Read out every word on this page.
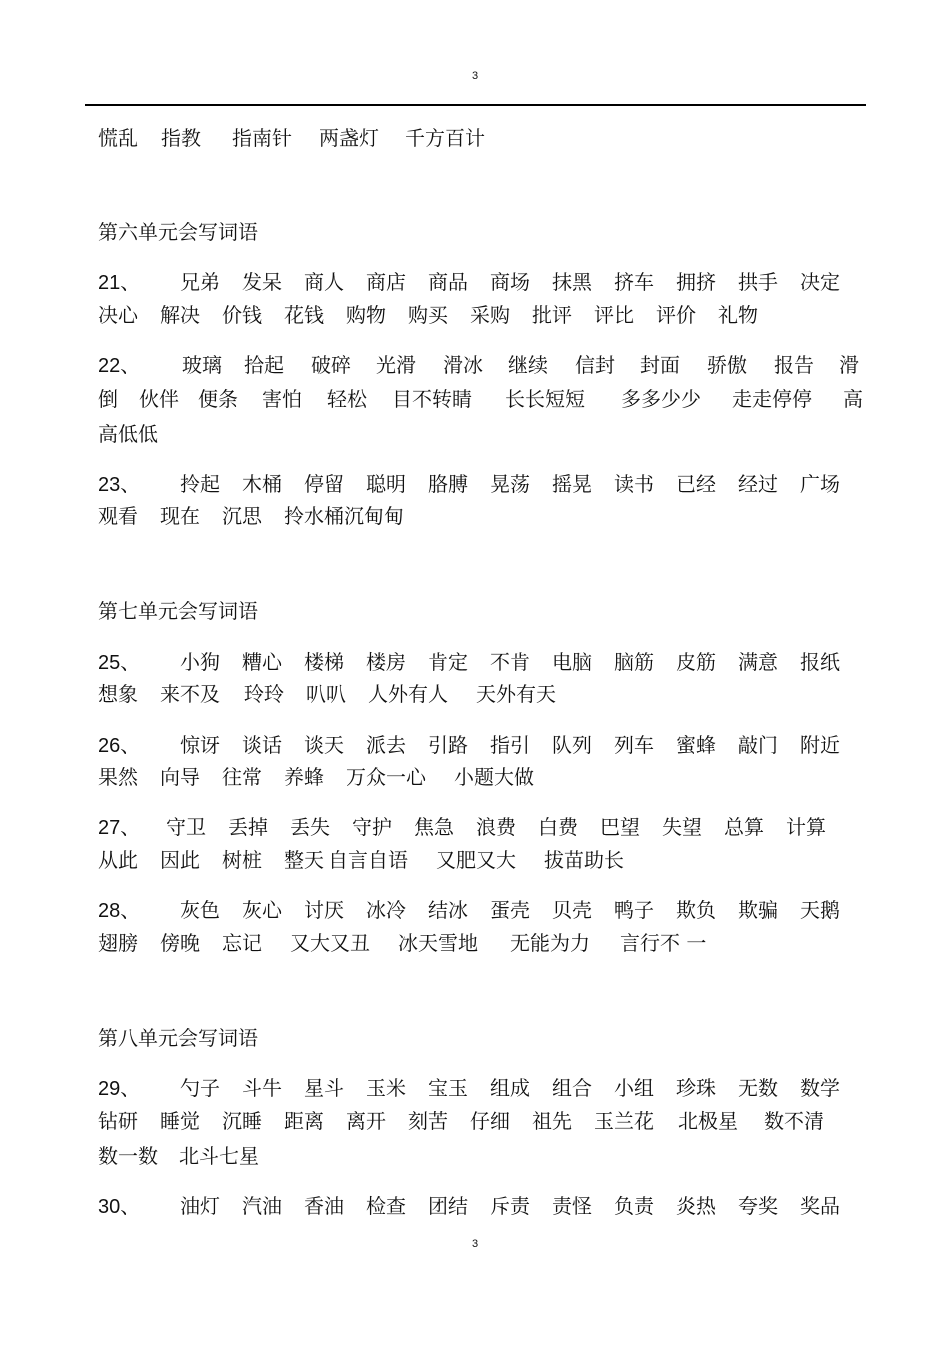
3
慌乱 指教 指南针 两盏灯 千方百计
第六单元会写词语
21、 兄弟 发呆 商人 商店 商品 商场 抹黑 挤车 拥挤 拱手 决定
决心 解决 价钱 花钱 购物 购买 采购 批评 评比 评价 礼物
22、 玻璃 拾起 破碎 光滑 滑冰 继续 信封 封面 骄傲 报告 滑
倒 伙伴 便条 害怕 轻松 目不转睛 长长短短 多多少少 走走停停 高
高低低
23、 拎起 木桶 停留 聪明 胳膊 晃荡 摇晃 读书 已经 经过 广场
观看 现在 沉思 拎水桶沉甸甸
第七单元会写词语
25、 小狗 糟心 楼梯 楼房 肯定 不肯 电脑 脑筋 皮筋 满意 报纸
想象 来不及 玲玲 叭叭 人外有人 天外有天
26、 惊讶 谈话 谈天 派去 引路 指引 队列 列车 蜜蜂 敲门 附近
果然 向导 往常 养蜂 万众一心 小题大做
27、 守卫 丢掉 丢失 守护 焦急 浪费 白费 巴望 失望 总算 计算
从此 因此 树桩 整天 自言自语 又肥又大 拔苗助长
28、 灰色 灰心 讨厌 冰冷 结冰 蛋壳 贝壳 鸭子 欺负 欺骗 天鹅
翅膀 傍晚 忘记 又大又丑 冰天雪地 无能为力 言行不 一
第八单元会写词语
29、 勺子 斗牛 星斗 玉米 宝玉 组成 组合 小组 珍珠 无数 数学
钻研 睡觉 沉睡 距离 离开 刻苦 仔细 祖先 玉兰花 北极星 数不清
数一数 北斗七星
30、 油灯 汽油 香油 检查 团结 斥责 责怪 负责 炎热 夸奖 奖品
3
